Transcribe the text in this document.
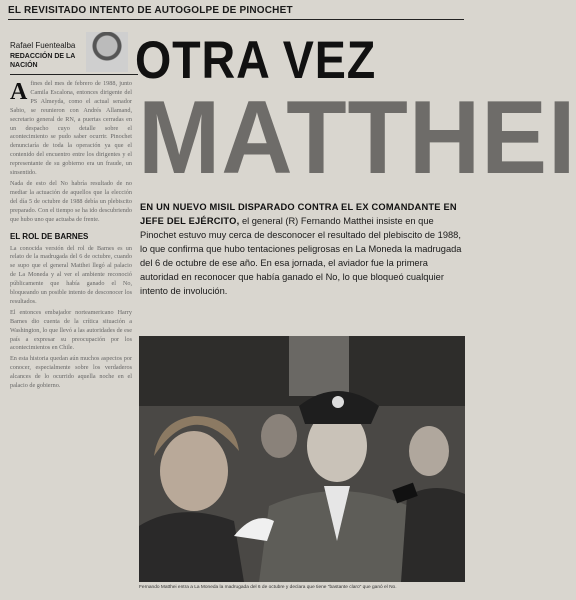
EL REVISITADO INTENTO DE AUTOGOLPE DE PINOCHET
Rafael Fuentealba
REDACCIÓN DE LA NACIÓN	OTRA VEZ
MATTHEI

Afines del mes de febrero de 1988, junto Camila Escalona, entonces dirigente del PS Almeyda, como el actual senador Sabio, se reunieron con Andrés Allamand, secretario general de RN, a puertas cerradas en un despacho cuyo detalle sobre el acontecimiento se pudo saber ocurrir. Pinochet denunciaría de toda la operación ya que el contenido del encuentro entre los dirigentes y el representante de su gobierno era un fraude, un sinsentido.

Nada de esto del No habría resultado de no mediar la actuación de aquellos que la elección del día 5 de octubre de 1988 debía un plebiscito preparado. Con el tiempo se ha ido descubriendo que hubo uno que actuaba de frente.

EL ROL DE BARNES

La conocida versión del rol de Barnes es un relato de la madrugada del 6 de octubre, cuando se supo que el general Matthei llegó al palacio de La Moneda y al ver el ambiente reconoció públicamente que había ganado el No, bloqueando un posible intento de desconocer los resultados.

El entonces embajador norteamericano Harry Barnes dio cuenta de la crítica situación a Washington, lo que llevó a las autoridades de ese país a expresar su preocupación por los acontecimientos en Chile.

En esta historia quedan aún muchos aspectos por conocer, especialmente sobre los verdaderos alcances de lo ocurrido aquella noche en el palacio de gobierno.

EN UN NUEVO MISIL DISPARADO CONTRA EL EX COMANDANTE EN JEFE DEL EJÉRCITO, el general (R) Fernando Matthei insiste en que Pinochet estuvo muy cerca de desconocer el resultado del plebiscito de 1988, lo que confirma que hubo tentaciones peligrosas en La Moneda la madrugada del 6 de octubre de ese año. En esa jornada, el aviador fue la primera autoridad en reconocer que había ganado el No, lo que bloqueó cualquier intento de involución.
Fernando Matthei entra a La Moneda la madrugada del 6 de octubre y declara que tiene "bastante claro" que ganó el No.
